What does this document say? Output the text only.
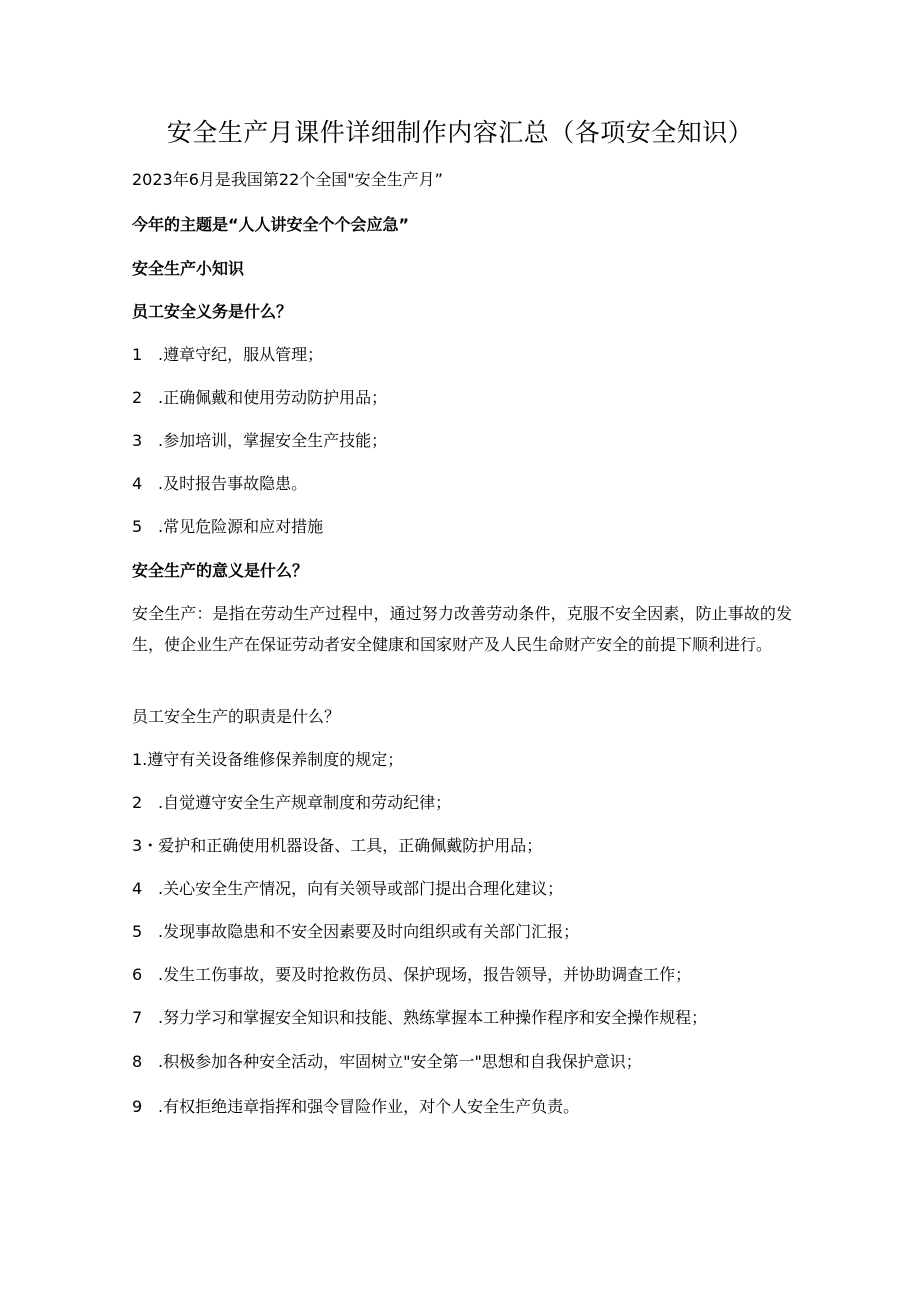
安全生产月课件详细制作内容汇总（各项安全知识）

2023年6月是我国第22个全国"安全生产月”

今年的主题是“人人讲安全个个会应急”

安全生产小知识

员工安全义务是什么？

1 .遵章守纪，服从管理；

2 .正确佩戴和使用劳动防护用品；

3 .参加培训，掌握安全生产技能；

4 .及时报告事故隐患。

5 .常见危险源和应对措施

安全生产的意义是什么？

安全生产：是指在劳动生产过程中，通过努力改善劳动条件，克服不安全因素，防止事故的发生，使企业生产在保证劳动者安全健康和国家财产及人民生命财产安全的前提下顺利进行。

员工安全生产的职责是什么？

1.遵守有关设备维修保养制度的规定；

2 .自觉遵守安全生产规章制度和劳动纪律；

3・爱护和正确使用机器设备、工具，正确佩戴防护用品；

4 .关心安全生产情况，向有关领导或部门提出合理化建议；

5 .发现事故隐患和不安全因素要及时向组织或有关部门汇报；

6 .发生工伤事故，要及时抢救伤员、保护现场，报告领导，并协助调查工作；

7 .努力学习和掌握安全知识和技能、熟练掌握本工种操作程序和安全操作规程；

8 .积极参加各种安全活动，牢固树立"安全第一"思想和自我保护意识；

9 .有权拒绝违章指挥和强令冒险作业，对个人安全生产负责。
